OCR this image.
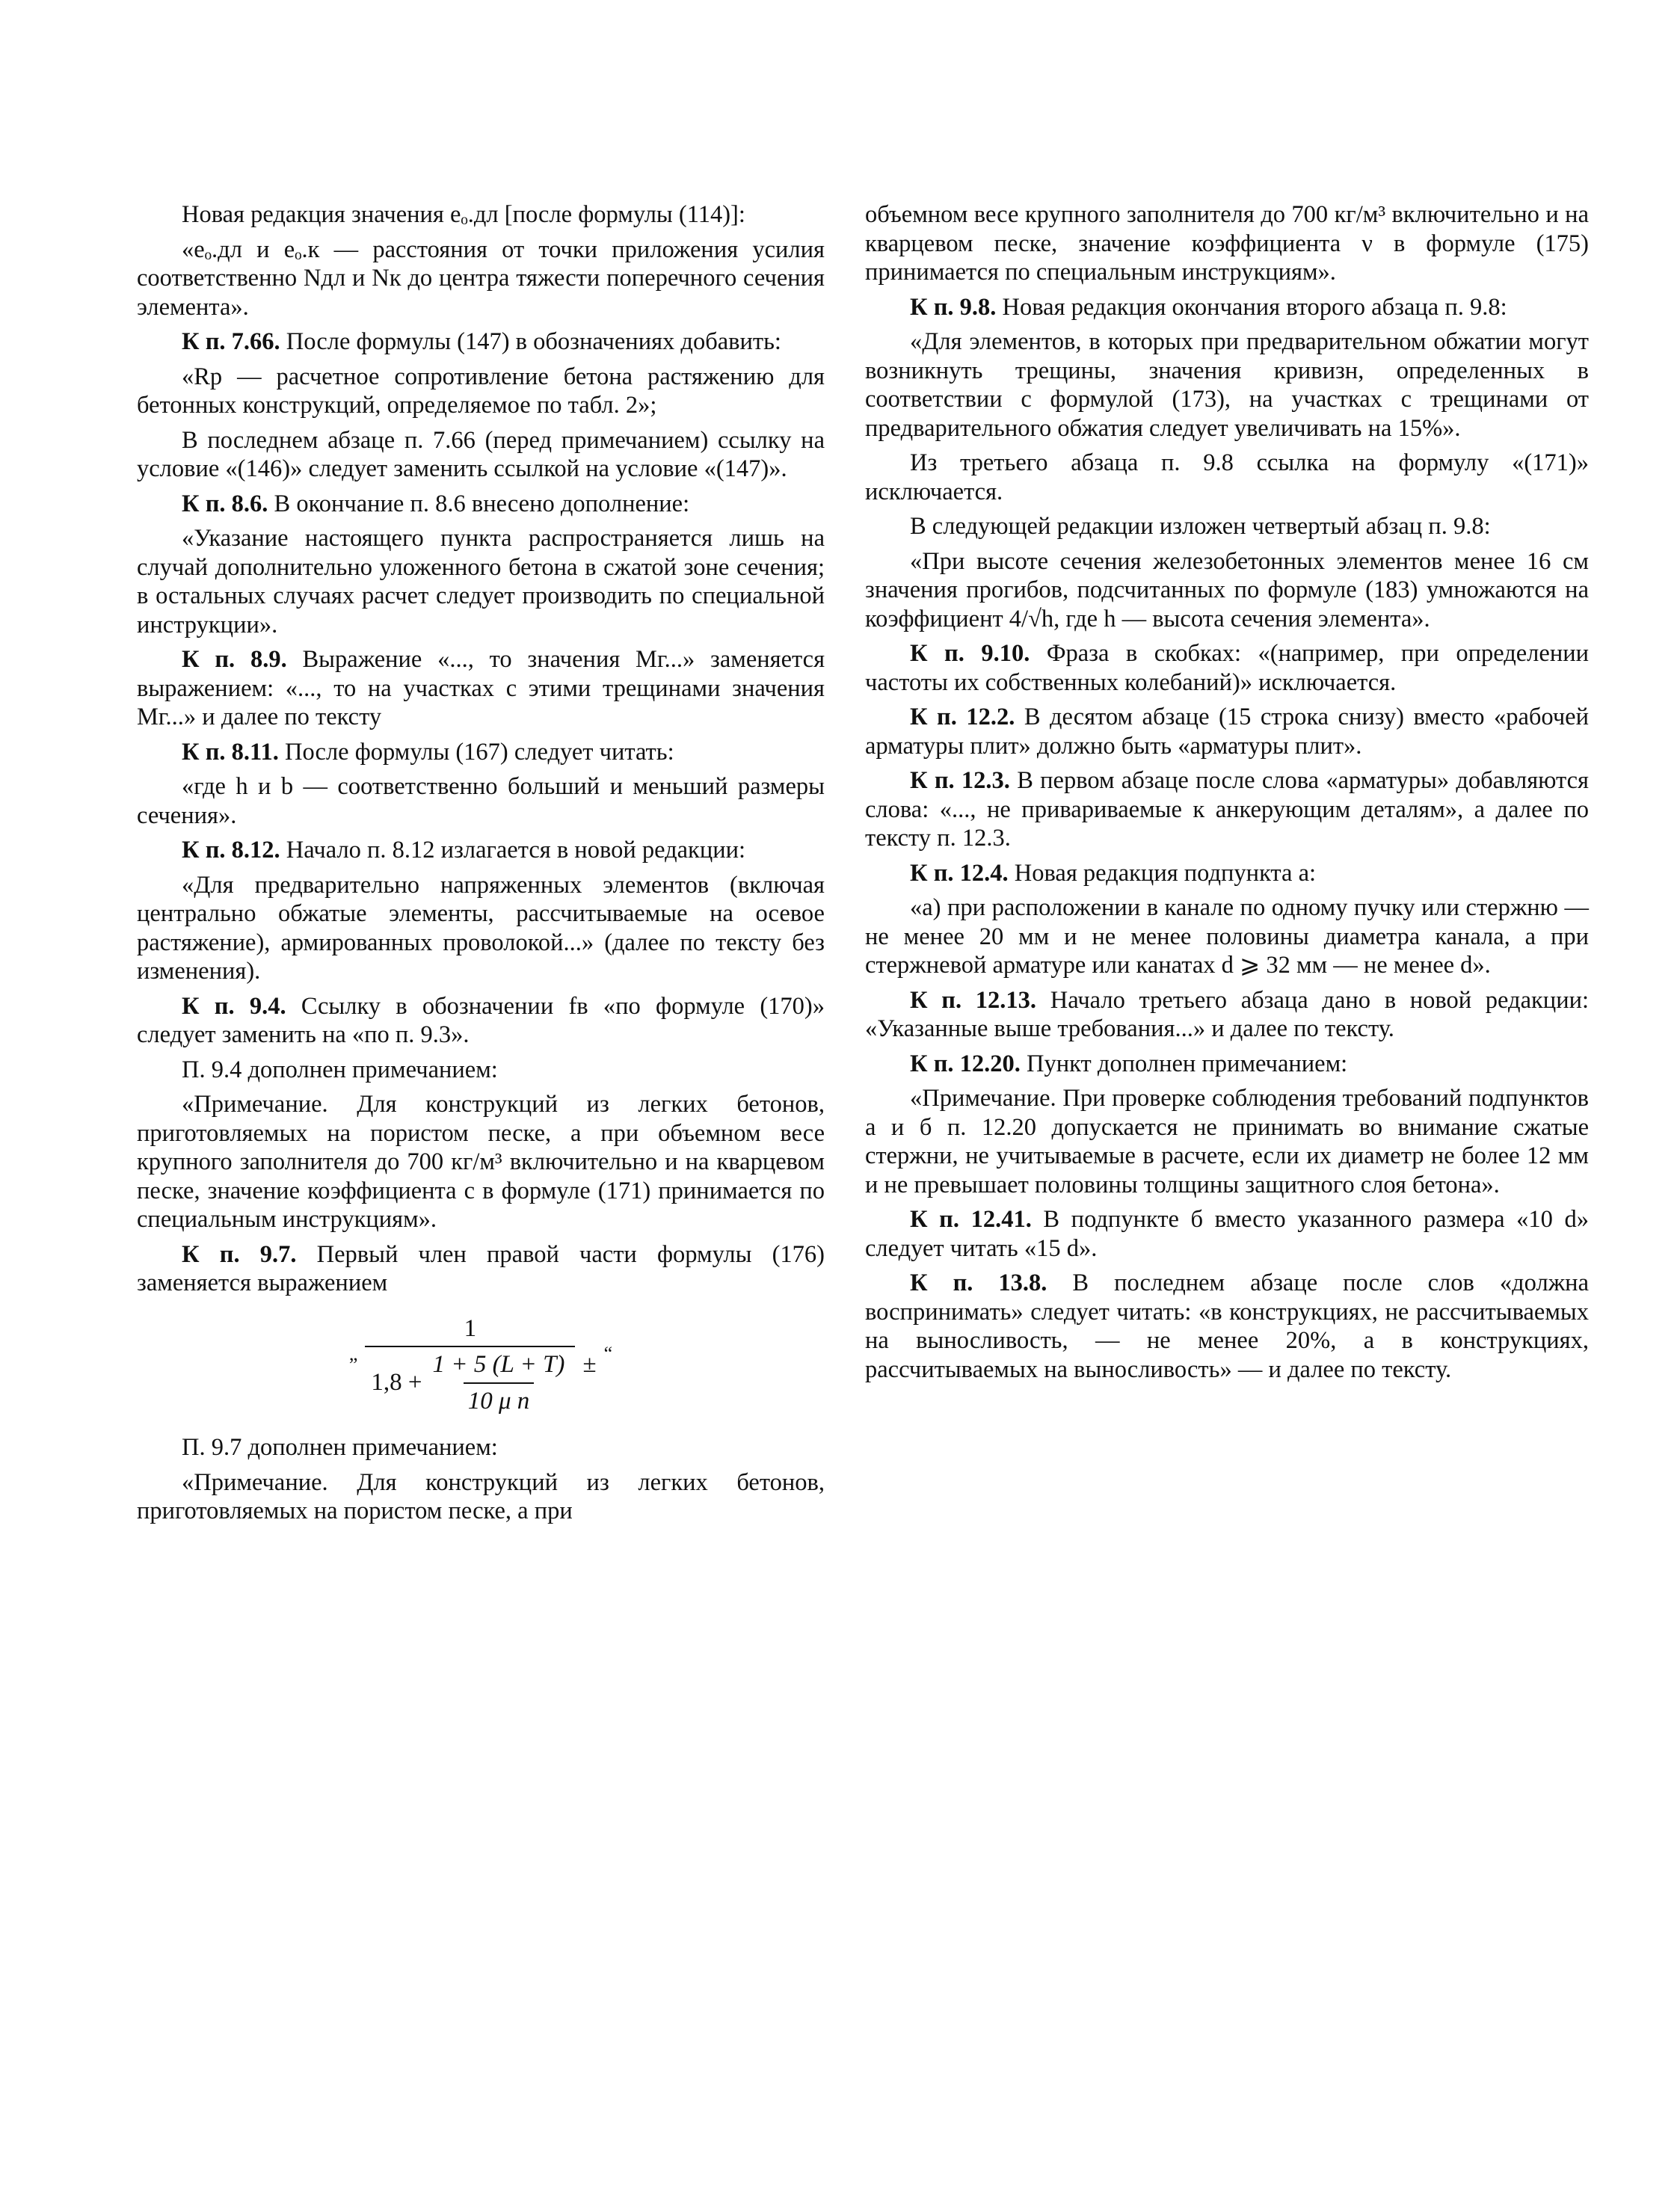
Новая редакция значения eₒ.дл [после формулы (114)]:

«eₒ.дл и eₒ.к — расстояния от точки приложения усилия соответственно Nдл и Nк до центра тяжести поперечного сечения элемента».

К п. 7.66. После формулы (147) в обозначениях добавить:

«Rр — расчетное сопротивление бетона растяжению для бетонных конструкций, определяемое по табл. 2»;

В последнем абзаце п. 7.66 (перед примечанием) ссылку на условие «(146)» следует заменить ссылкой на условие «(147)».

К п. 8.6. В окончание п. 8.6 внесено дополнение:

«Указание настоящего пункта распространяется лишь на случай дополнительно уложенного бетона в сжатой зоне сечения; в остальных случаях расчет следует производить по специальной инструкции».

К п. 8.9. Выражение «..., то значения Mг...» заменяется выражением: «..., то на участках с этими трещинами значения Mг...» и далее по тексту

К п. 8.11. После формулы (167) следует читать:

«где h и b — соответственно больший и меньший размеры сечения».

К п. 8.12. Начало п. 8.12 излагается в новой редакции:

«Для предварительно напряженных элементов (включая центрально обжатые элементы, рассчитываемые на осевое растяжение), армированных проволокой...» (далее по тексту без изменения).

К п. 9.4. Ссылку в обозначении fв «по формуле (170)» следует заменить на «по п. 9.3».

П. 9.4 дополнен примечанием:

«Примечание. Для конструкций из легких бетонов, приготовляемых на пористом песке, а при объемном весе крупного заполнителя до 700 кг/м³ включительно и на кварцевом песке, значение коэффициента c в формуле (171) принимается по специальным инструкциям».

К п. 9.7. Первый член правой части формулы (176) заменяется выражением

„ $\frac{1}{1,8 + \frac{1 + 5 (L + T)}{\text{10 μ n}}}$ ± “

П. 9.7 дополнен примечанием:

«Примечание. Для конструкций из легких бетонов, приготовляемых на пористом песке, а при

объемном весе крупного заполнителя до 700 кг/м³ включительно и на кварцевом песке, значение коэффициента ν в формуле (175) принимается по специальным инструкциям».

К п. 9.8. Новая редакция окончания второго абзаца п. 9.8:

«Для элементов, в которых при предварительном обжатии могут возникнуть трещины, значения кривизн, определенных в соответствии с формулой (173), на участках с трещинами от предварительного обжатия следует увеличивать на 15%».

Из третьего абзаца п. 9.8 ссылка на формулу «(171)» исключается.

В следующей редакции изложен четвертый абзац п. 9.8:

«При высоте сечения железобетонных элементов менее 16 см значения прогибов, подсчитанных по формуле (183) умножаются на коэффициент 4/√h, где h — высота сечения элемента».

К п. 9.10. Фраза в скобках: «(например, при определении частоты их собственных колебаний)» исключается.

К п. 12.2. В десятом абзаце (15 строка снизу) вместо «рабочей арматуры плит» должно быть «арматуры плит».

К п. 12.3. В первом абзаце после слова «арматуры» добавляются слова: «..., не привариваемые к анкерующим деталям», а далее по тексту п. 12.3.

К п. 12.4. Новая редакция подпункта а:

«а) при расположении в канале по одному пучку или стержню — не менее 20 мм и не менее половины диаметра канала, а при стержневой арматуре или канатах d ⩾ 32 мм — не менее d».

К п. 12.13. Начало третьего абзаца дано в новой редакции: «Указанные выше требования...» и далее по тексту.

К п. 12.20. Пункт дополнен примечанием:

«Примечание. При проверке соблюдения требований подпунктов а и б п. 12.20 допускается не принимать во внимание сжатые стержни, не учитываемые в расчете, если их диаметр не более 12 мм и не превышает половины толщины защитного слоя бетона».

К п. 12.41. В подпункте б вместо указанного размера «10 d» следует читать «15 d».

К п. 13.8. В последнем абзаце после слов «должна воспринимать» следует читать: «в конструкциях, не рассчитываемых на выносливость, — не менее 20%, а в конструкциях, рассчитываемых на выносливость» — и далее по тексту.
